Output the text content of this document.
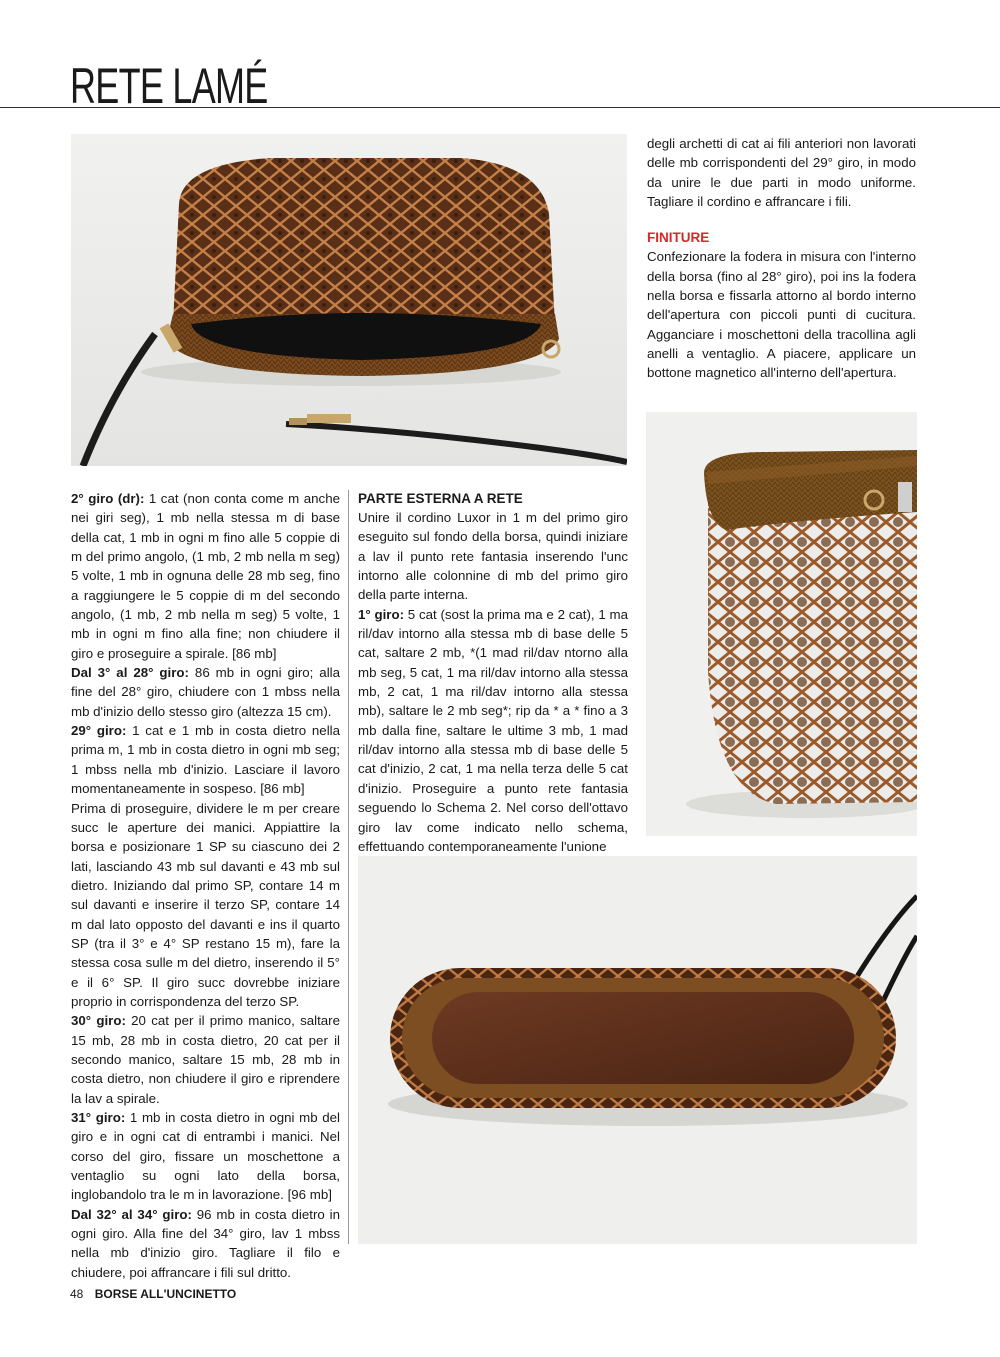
RETE LAMÉ

degli archetti di cat ai fili anteriori non lavorati delle mb corrispondenti del 29° giro, in modo da unire le due parti in modo uniforme. Tagliare il cordino e affrancare i fili.

FINITURE

Confezionare la fodera in misura con l'interno della borsa (fino al 28° giro), poi ins la fodera nella borsa e fissarla attorno al bordo interno dell'apertura con piccoli punti di cucitura. Agganciare i moschettoni della tracollina agli anelli a ventaglio. A piacere, applicare un bottone magnetico all'interno dell'apertura.

2° giro (dr): 1 cat (non conta come m anche nei giri seg), 1 mb nella stessa m di base della cat, 1 mb in ogni m fino alle 5 coppie di m del primo angolo, (1 mb, 2 mb nella m seg) 5 volte, 1 mb in ognuna delle 28 mb seg, fino a raggiungere le 5 coppie di m del secondo angolo, (1 mb, 2 mb nella m seg) 5 volte, 1 mb in ogni m fino alla fine; non chiudere il giro e proseguire a spirale. [86 mb]

Dal 3° al 28° giro: 86 mb in ogni giro; alla fine del 28° giro, chiudere con 1 mbss nella mb d'inizio dello stesso giro (altezza 15 cm).

29° giro: 1 cat e 1 mb in costa dietro nella prima m, 1 mb in costa dietro in ogni mb seg; 1 mbss nella mb d'inizio. Lasciare il lavoro momentaneamente in sospeso. [86 mb]

Prima di proseguire, dividere le m per creare succ le aperture dei manici. Appiattire la borsa e posizionare 1 SP su ciascuno dei 2 lati, lasciando 43 mb sul davanti e 43 mb sul dietro. Iniziando dal primo SP, contare 14 m sul davanti e inserire il terzo SP, contare 14 m dal lato opposto del davanti e ins il quarto SP (tra il 3° e 4° SP restano 15 m), fare la stessa cosa sulle m del dietro, inserendo il 5° e il 6° SP. Il giro succ dovrebbe iniziare proprio in corrispondenza del terzo SP.

30° giro: 20 cat per il primo manico, saltare 15 mb, 28 mb in costa dietro, 20 cat per il secondo manico, saltare 15 mb, 28 mb in costa dietro, non chiudere il giro e riprendere la lav a spirale.

31° giro: 1 mb in costa dietro in ogni mb del giro e in ogni cat di entrambi i manici. Nel corso del giro, fissare un moschettone a ventaglio su ogni lato della borsa, inglobandolo tra le m in lavorazione. [96 mb]

Dal 32° al 34° giro: 96 mb in costa dietro in ogni giro. Alla fine del 34° giro, lav 1 mbss nella mb d'inizio giro. Tagliare il filo e chiudere, poi affrancare i fili sul dritto.

PARTE ESTERNA A RETE

Unire il cordino Luxor in 1 m del primo giro eseguito sul fondo della borsa, quindi iniziare a lav il punto rete fantasia inserendo l'unc intorno alle colonnine di mb del primo giro della parte interna.

1° giro: 5 cat (sost la prima ma e 2 cat), 1 ma ril/dav intorno alla stessa mb di base delle 5 cat, saltare 2 mb, *(1 mad ril/dav ntorno alla mb seg, 5 cat, 1 ma ril/dav intorno alla stessa mb, 2 cat, 1 ma ril/dav intorno alla stessa mb), saltare le 2 mb seg*; rip da * a * fino a 3 mb dalla fine, saltare le ultime 3 mb, 1 mad ril/dav intorno alla stessa mb di base delle 5 cat d'inizio, 2 cat, 1 ma nella terza delle 5 cat d'inizio. Proseguire a punto rete fantasia seguendo lo Schema 2. Nel corso dell'ottavo giro lav come indicato nello schema, effettuando contemporaneamente l'unione

48 BORSE ALL'UNCINETTO
